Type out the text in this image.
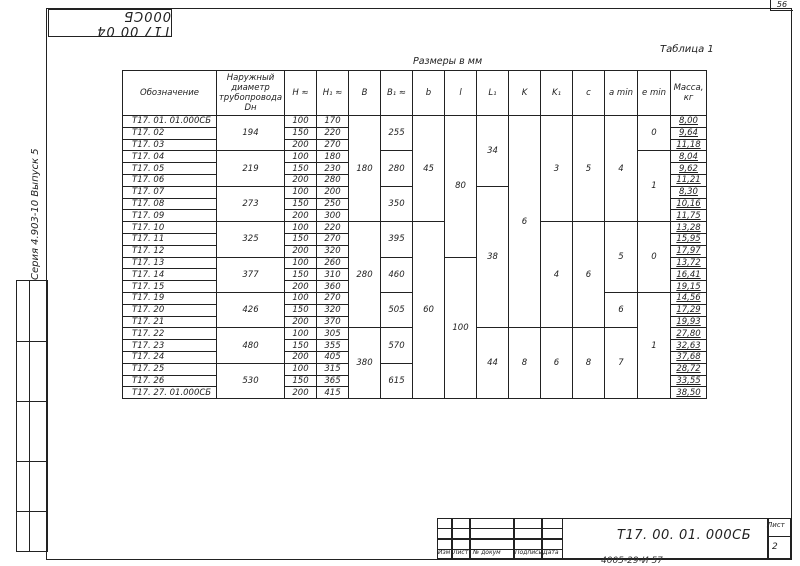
56
Т17 00 04 000СБ
Серия 4.903-10 Выпуск 5
Таблица 1
Размеры в мм
Обозначение	Наружный диаметр трубопровода Dн	H ≈	H₁ ≈	B	B₁ ≈	b	l	L₁	K	K₁	c	a min	e min	Масса, кг
Т17. 01. 01.000СБ	194	100	170	180	255	45	80	34	6	3	5	4	0	8,00
Т17. 02		150	220											9,64
Т17. 03		200	270											11,18
Т17. 04	219	100	180		280								1	8,04
Т17. 05		150	230											9,62
Т17. 06		200	280											11,21
Т17. 07	273	100	200		350			38						8,30
Т17. 08		150	250											10,16
Т17. 09		200	300											11,75
Т17. 10	325	100	220	280	395	60				4	6	5	0	13,28
Т17. 11		150	270											15,95
Т17. 12		200	320											17,97
Т17. 13	377	100	260		460		100							13,72
Т17. 14		150	310											16,41
Т17. 15		200	360											19,15
Т17. 19	426	100	270		505							6	1	14,56
Т17. 20		150	320											17,29
Т17. 21		200	370											19,93
Т17. 22	480	100	305	380	570			44	8	6	8	7		27,80
Т17. 23		150	355											32,63
Т17. 24		200	405											37,68
Т17. 25	530	100	315		615									28,72
Т17. 26		150	365											33,55
Т17. 27. 01.000СБ		200	415											38,50
Изм Лист № докум Подпись Дата
Т17. 00. 01. 000СБ
Лист
2
4005-29-И 57
